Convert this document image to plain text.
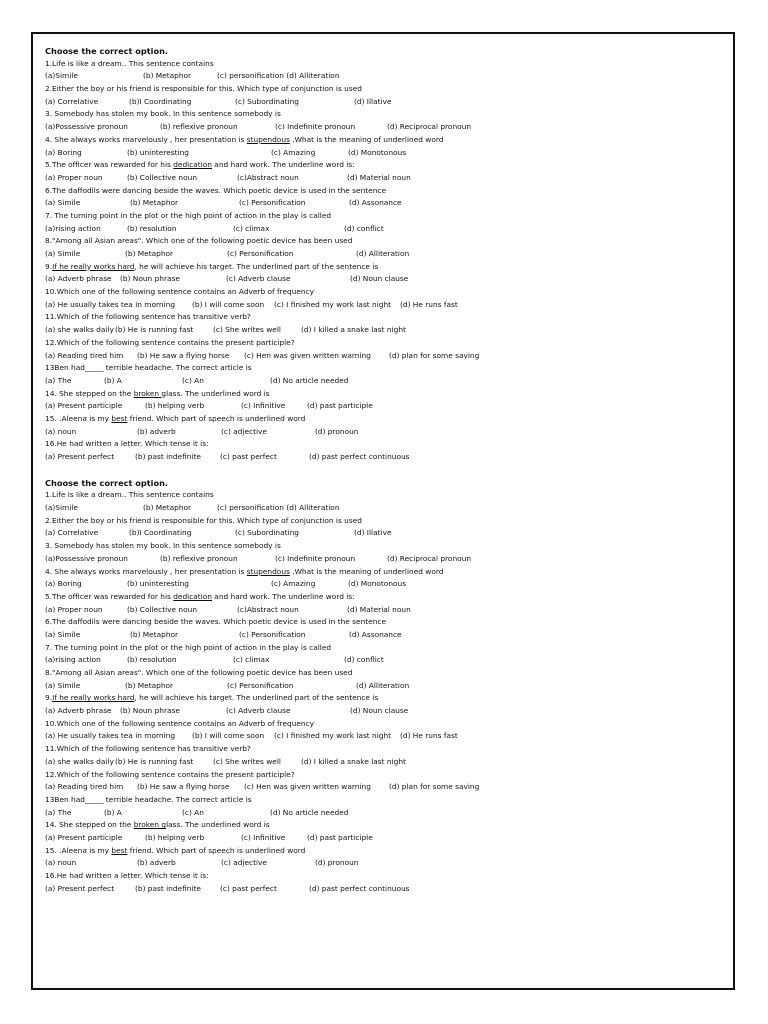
Choose the correct option.
1.Life is like a dream.. This sentence contains
(a)Simile	(b) Metaphor	(c) personification (d) Alliteration
2.Either the boy or his friend is responsible for this. Which type of conjunction is used
(a) Correlative	(b)I Coordinating	(c) Subordinating	(d) Illative
3. Somebody has stolen my book. In this sentence somebody is
(a)Possessive pronoun	(b) reflexive pronoun	(c) Indefinite pronoun	(d) Reciprocal pronoun
4. She always works marvelously , her presentation is stupendous .What is the meaning of underlined word
(a) Boring	(b) uninteresting	(c) Amazing	(d) Monotonous
5.The officer was rewarded for his dedication and hard work. The underline word is:
(a) Proper noun	(b) Collective noun	(c)Abstract noun	(d) Material noun
6.The daffodils were dancing beside the waves. Which poetic device is used in the sentence
(a) Simile	(b) Metaphor	(c) Personification	(d) Assonance
7. The turning point in the plot or the high point of action in the play is called
(a)rising action	(b) resolution	(c) climax	(d) conflict
8."Among all Asian areas". Which one of the following poetic device has been used
(a) Simile	(b) Metaphor	(c) Personification	(d) Alliteration
9.If he really works hard, he will achieve his target. The underlined part of the sentence is
(a) Adverb phrase (b) Noun phrase	(c) Adverb clause	(d) Noun clause
10.Which one of the following sentence contains an Adverb of frequency
(a) He usually takes tea in morning (b) I will come soon (c) I finished my work last night (d) He runs fast
11.Which of the following sentence has transitive verb?
(a) she walks daily (b) He is running fast	(c) She writes well	(d) I killed a snake last night
12.Which of the following sentence contains the present participle?
(a) Reading tired him (b) He saw a flying horse (c) Hen was given written warning (d) plan for some saving
13Ben had_____ terrible headache. The correct article is
(a) The	(b) A	(c) An	(d) No article needed
14. She stepped on the broken glass. The underlined word is
(a) Present participle	(b) helping verb	(c) Infinitive	(d) past participle
15. .Aleena is my best friend. Which part of speech is underlined word
(a) noun	(b) adverb	(c) adjective	(d) pronoun
16.He had written a letter. Which tense it is:
(a) Present perfect	(b) past indefinite	(c) past perfect	(d) past perfect continuous
Choose the correct option.
1.Life is like a dream.. This sentence contains
(a)Simile	(b) Metaphor	(c) personification (d) Alliteration
2.Either the boy or his friend is responsible for this. Which type of conjunction is used
(a) Correlative	(b)I Coordinating	(c) Subordinating	(d) Illative
3. Somebody has stolen my book. In this sentence somebody is
(a)Possessive pronoun	(b) reflexive pronoun	(c) Indefinite pronoun	(d) Reciprocal pronoun
4. She always works marvelously , her presentation is stupendous .What is the meaning of underlined word
(a) Boring	(b) uninteresting	(c) Amazing	(d) Monotonous
5.The officer was rewarded for his dedication and hard work. The underline word is:
(a) Proper noun	(b) Collective noun	(c)Abstract noun	(d) Material noun
6.The daffodils were dancing beside the waves. Which poetic device is used in the sentence
(a) Simile	(b) Metaphor	(c) Personification	(d) Assonance
7. The turning point in the plot or the high point of action in the play is called
(a)rising action	(b) resolution	(c) climax	(d) conflict
8."Among all Asian areas". Which one of the following poetic device has been used
(a) Simile	(b) Metaphor	(c) Personification	(d) Alliteration
9.If he really works hard, he will achieve his target. The underlined part of the sentence is
(a) Adverb phrase (b) Noun phrase	(c) Adverb clause	(d) Noun clause
10.Which one of the following sentence contains an Adverb of frequency
(a) He usually takes tea in morning (b) I will come soon (c) I finished my work last night (d) He runs fast
11.Which of the following sentence has transitive verb?
(a) she walks daily (b) He is running fast	(c) She writes well	(d) I killed a snake last night
12.Which of the following sentence contains the present participle?
(a) Reading tired him (b) He saw a flying horse (c) Hen was given written warning (d) plan for some saving
13Ben had_____ terrible headache. The correct article is
(a) The	(b) A	(c) An	(d) No article needed
14. She stepped on the broken glass. The underlined word is
(a) Present participle	(b) helping verb	(c) Infinitive	(d) past participle
15. .Aleena is my best friend. Which part of speech is underlined word
(a) noun	(b) adverb	(c) adjective	(d) pronoun
16.He had written a letter. Which tense it is:
(a) Present perfect	(b) past indefinite	(c) past perfect	(d) past perfect continuous
